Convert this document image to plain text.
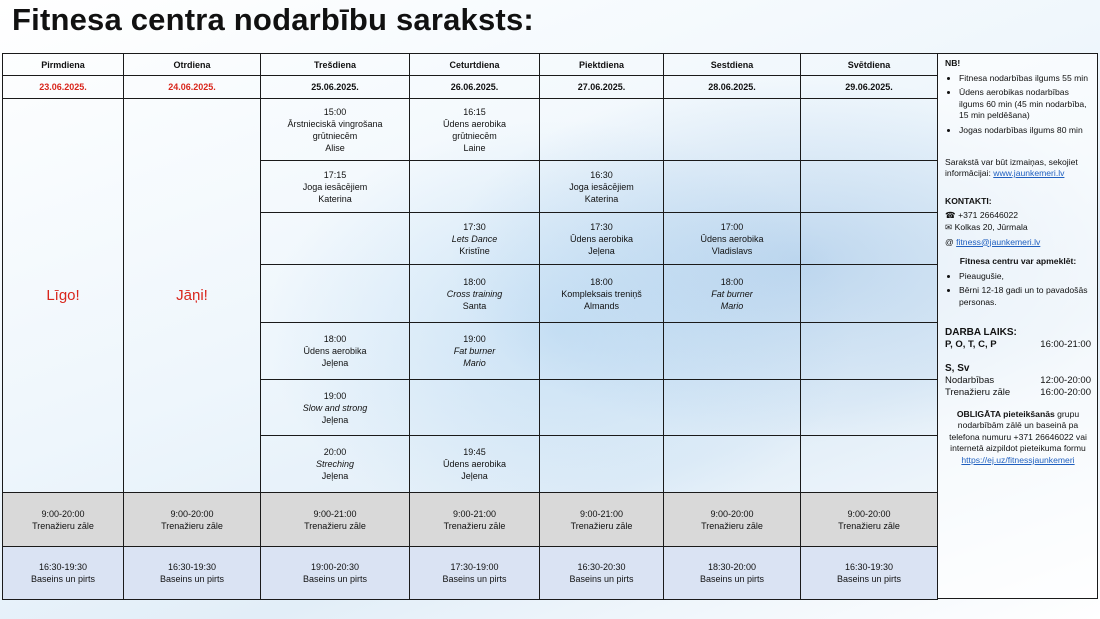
Fitnesa centra nodarbību saraksts:
Pirmdiena	Otrdiena	Trešdiena	Ceturtdiena	Piektdiena	Sestdiena	Svētdiena
23.06.2025.	24.06.2025.	25.06.2025.	26.06.2025.	27.06.2025.	28.06.2025.	29.06.2025.
Līgo!	Jāņi!	15:00
Ārstnieciskā vingrošana
grūtniecēm
Alise	16:15
Ūdens aerobika
grūtniecēm
Laine			

		17:15
Joga iesācējiem
Katerina		16:30
Joga iesācējiem
Katerina		

			17:30
Lets Dance
Kristīne	17:30
Ūdens aerobika
Jeļena	17:00
Ūdens aerobika
Vladislavs	

			18:00
Cross training
Santa	18:00
Kompleksais treniņš
Almands	18:00
Fat burner
Mario	

		18:00
Ūdens aerobika
Jeļena	19:00
Fat burner
Mario			

		19:00
Slow and strong
Jeļena				

		20:00
Streching
Jeļena	19:45
Ūdens aerobika
Jeļena			

9:00-20:00
Trenažieru zāle	9:00-20:00
Trenažieru zāle	9:00-21:00
Trenažieru zāle	9:00-21:00
Trenažieru zāle	9:00-21:00
Trenažieru zāle	9:00-20:00
Trenažieru zāle	9:00-20:00
Trenažieru zāle

16:30-19:30
Baseins un pirts	16:30-19:30
Baseins un pirts	19:00-20:30
Baseins un pirts	17:30-19:00
Baseins un pirts	16:30-20:30
Baseins un pirts	18:30-20:00
Baseins un pirts	16:30-19:30
Baseins un pirts
NB!
• Fitnesa nodarbības ilgums 55 min
• Ūdens aerobikas nodarbības ilgums 60 min (45 min nodarbība, 15 min peldēšana)
• Jogas nodarbības ilgums 80 min
Sarakstā var būt izmaiņas, sekojiet informācijai: www.jaunkemeri.lv
KONTAKTI:
☎ +371 26646022
✉ Kolkas 20, Jūrmala
@ fitness@jaunkemeri.lv
Fitnesa centru var apmeklēt:
• Pieaugušie,
• Bērni 12-18 gadi un to pavadošās personas.
DARBA LAIKS:
P, O, T, C, P	16:00-21:00
S, Sv
Nodarbības	12:00-20:00
Trenažieru zāle	16:00-20:00
OBLIGĀTA pieteikšanās grupu nodarbībām zālē un baseinā pa telefona numuru +371 26646022 vai internetā aizpildot pieteikuma formu
https://ej.uz/fitnessjaunkemeri
